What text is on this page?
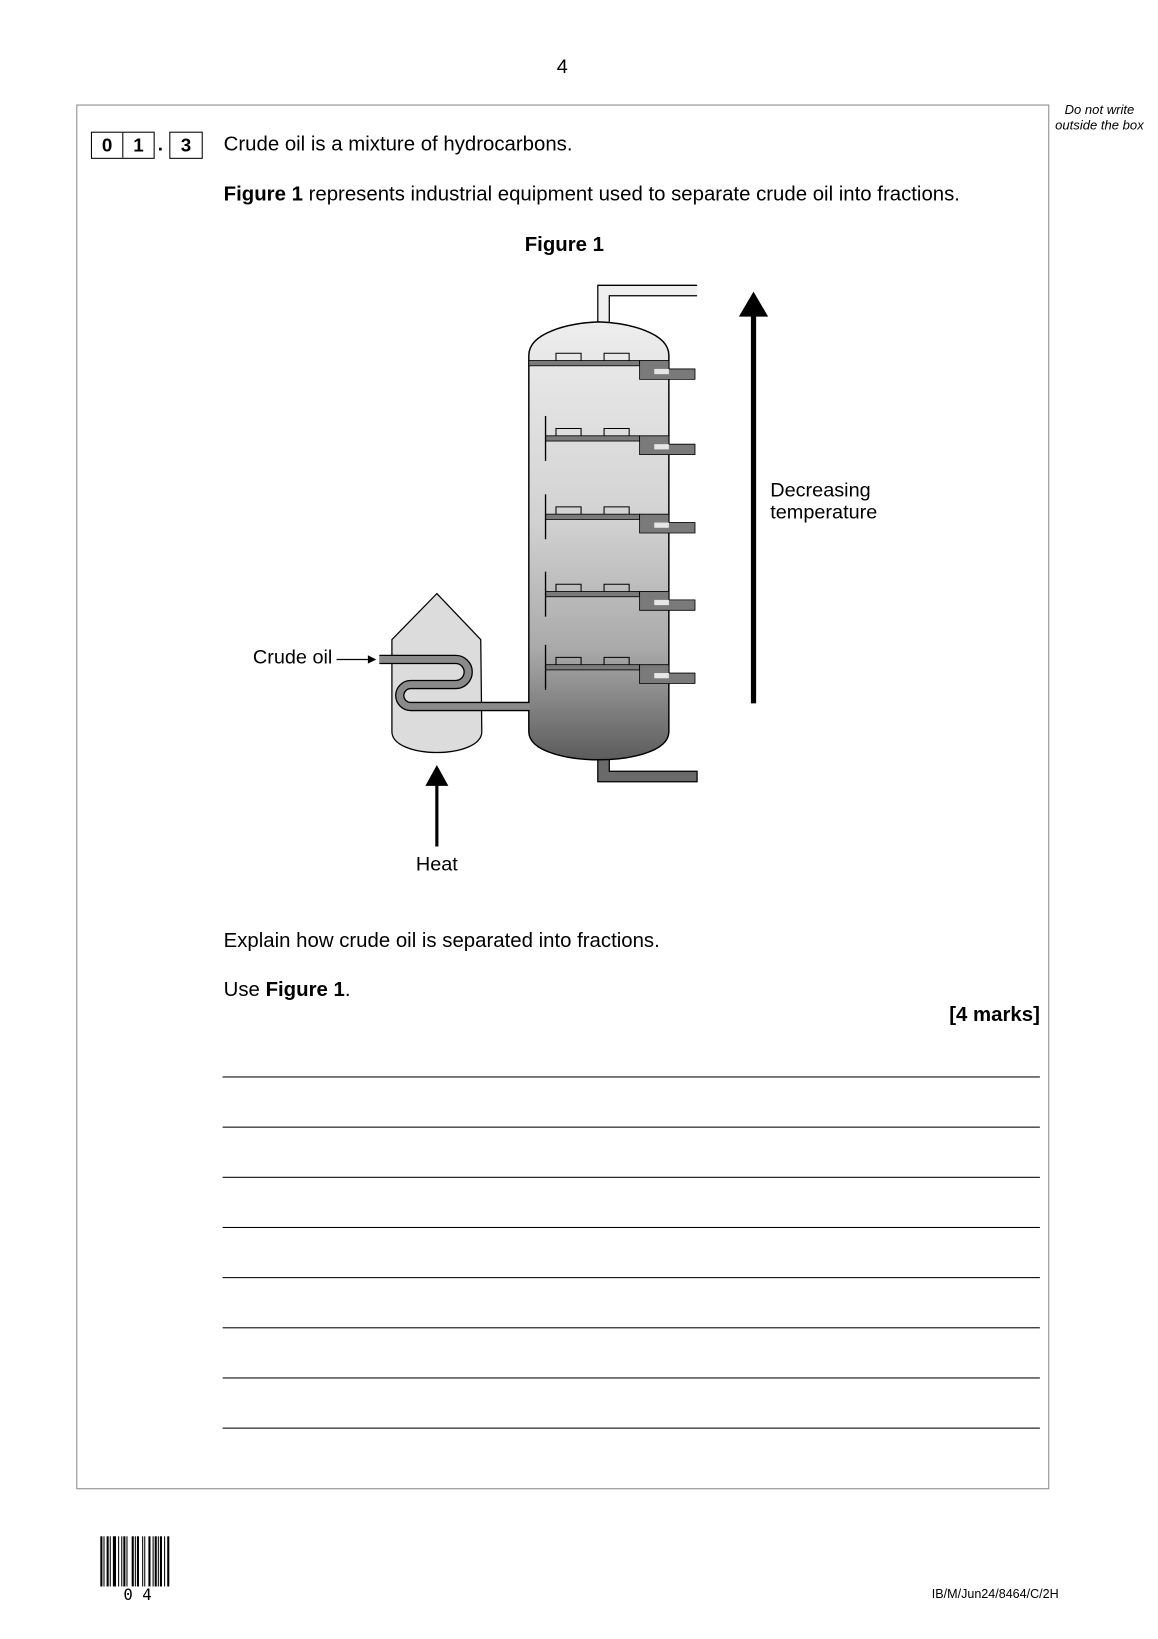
4
Do not write outside the box
0 1 . 3	Crude oil is a mixture of hydrocarbons.
Figure 1 represents industrial equipment used to separate crude oil into fractions.
Figure 1
Crude oil
Heat
Decreasing
temperature
Explain how crude oil is separated into fractions.
Use Figure 1.
[4 marks]
0 4	IB/M/Jun24/8464/C/2H
